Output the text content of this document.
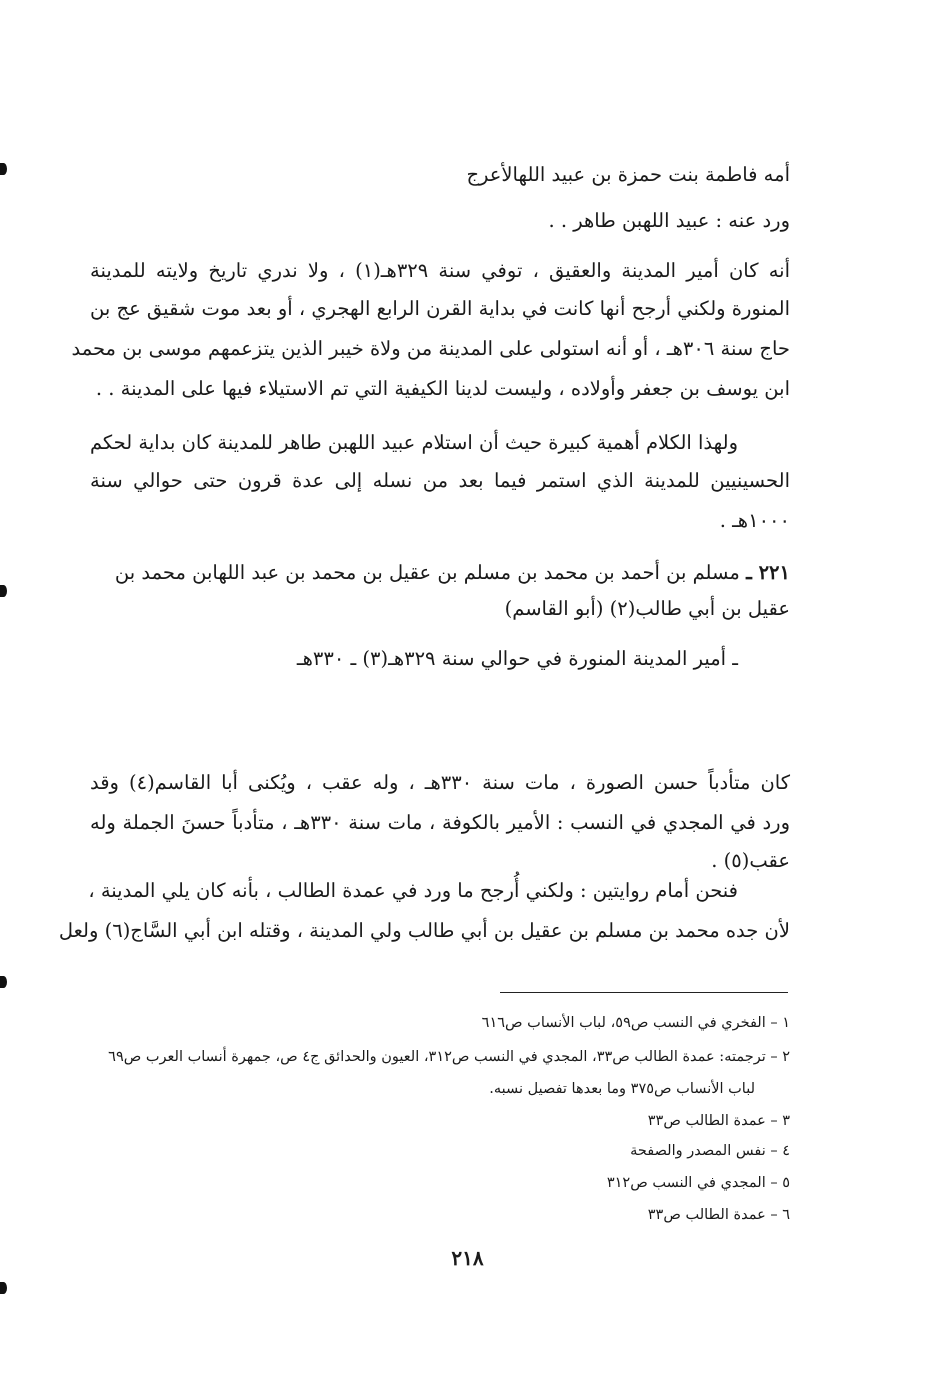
أمه فاطمة بنت حمزة بن عبيد اللهالأعرج
ورد عنه : عبيد اللهبن طاهر . .
أنه كان أمير المدينة والعقيق ، توفي سنة ٣٢٩هـ(١) ، ولا ندري تاريخ ولايته للمدينة
المنورة ولكني أرجح أنها كانت في بداية القرن الرابع الهجري ، أو بعد موت شقيق عج بن
حاج سنة ٣٠٦هـ ، أو أنه استولى على المدينة من ولاة خيبر الذين يتزعمهم موسى بن محمد
ابن يوسف بن جعفر وأولاده ، وليست لدينا الكيفية التي تم الاستيلاء فيها على المدينة . .
ولهذا الكلام أهمية كبيرة حيث أن استلام عبيد اللهبن طاهر للمدينة كان بداية لحكم
الحسينيين للمدينة الذي استمر فيما بعد من نسله إلى عدة قرون حتى حوالي سنة
١٠٠٠هـ .
٢٢١ ـ مسلم بن أحمد بن محمد بن مسلم بن عقيل بن محمد بن عبد اللهابن محمد بن
عقيل بن أبي طالب(٢) (أبو القاسم)
ـ أمير المدينة المنورة في حوالي سنة ٣٢٩هـ(٣) ـ ٣٣٠هـ
كان متأدباً حسن الصورة ، مات سنة ٣٣٠هـ ، وله عقب ، ويُكنى أبا القاسم(٤) وقد
ورد في المجدي في النسب : الأمير بالكوفة ، مات سنة ٣٣٠هـ ، متأدباً حسنَ الجملة وله
عقب(٥) .
فنحن أمام روايتين : ولكني أُرجح ما ورد في عمدة الطالب ، بأنه كان يلي المدينة ،
لأن جده محمد بن مسلم بن عقيل بن أبي طالب ولي المدينة ، وقتله ابن أبي السَّاج(٦) ولعل
١ – الفخري في النسب ص٥٩، لباب الأنساب ص٦١٦
٢ – ترجمته: عمدة الطالب ص٣٣، المجدي في النسب ص٣١٢، العيون والحدائق ج٤ ص، جمهرة أنساب العرب ص٦٩
لباب الأنساب ص٣٧٥ وما بعدها تفصيل نسبه.
٣ – عمدة الطالب ص٣٣
٤ – نفس المصدر والصفحة
٥ – المجدي في النسب ص٣١٢
٦ – عمدة الطالب ص٣٣
٢١٨
